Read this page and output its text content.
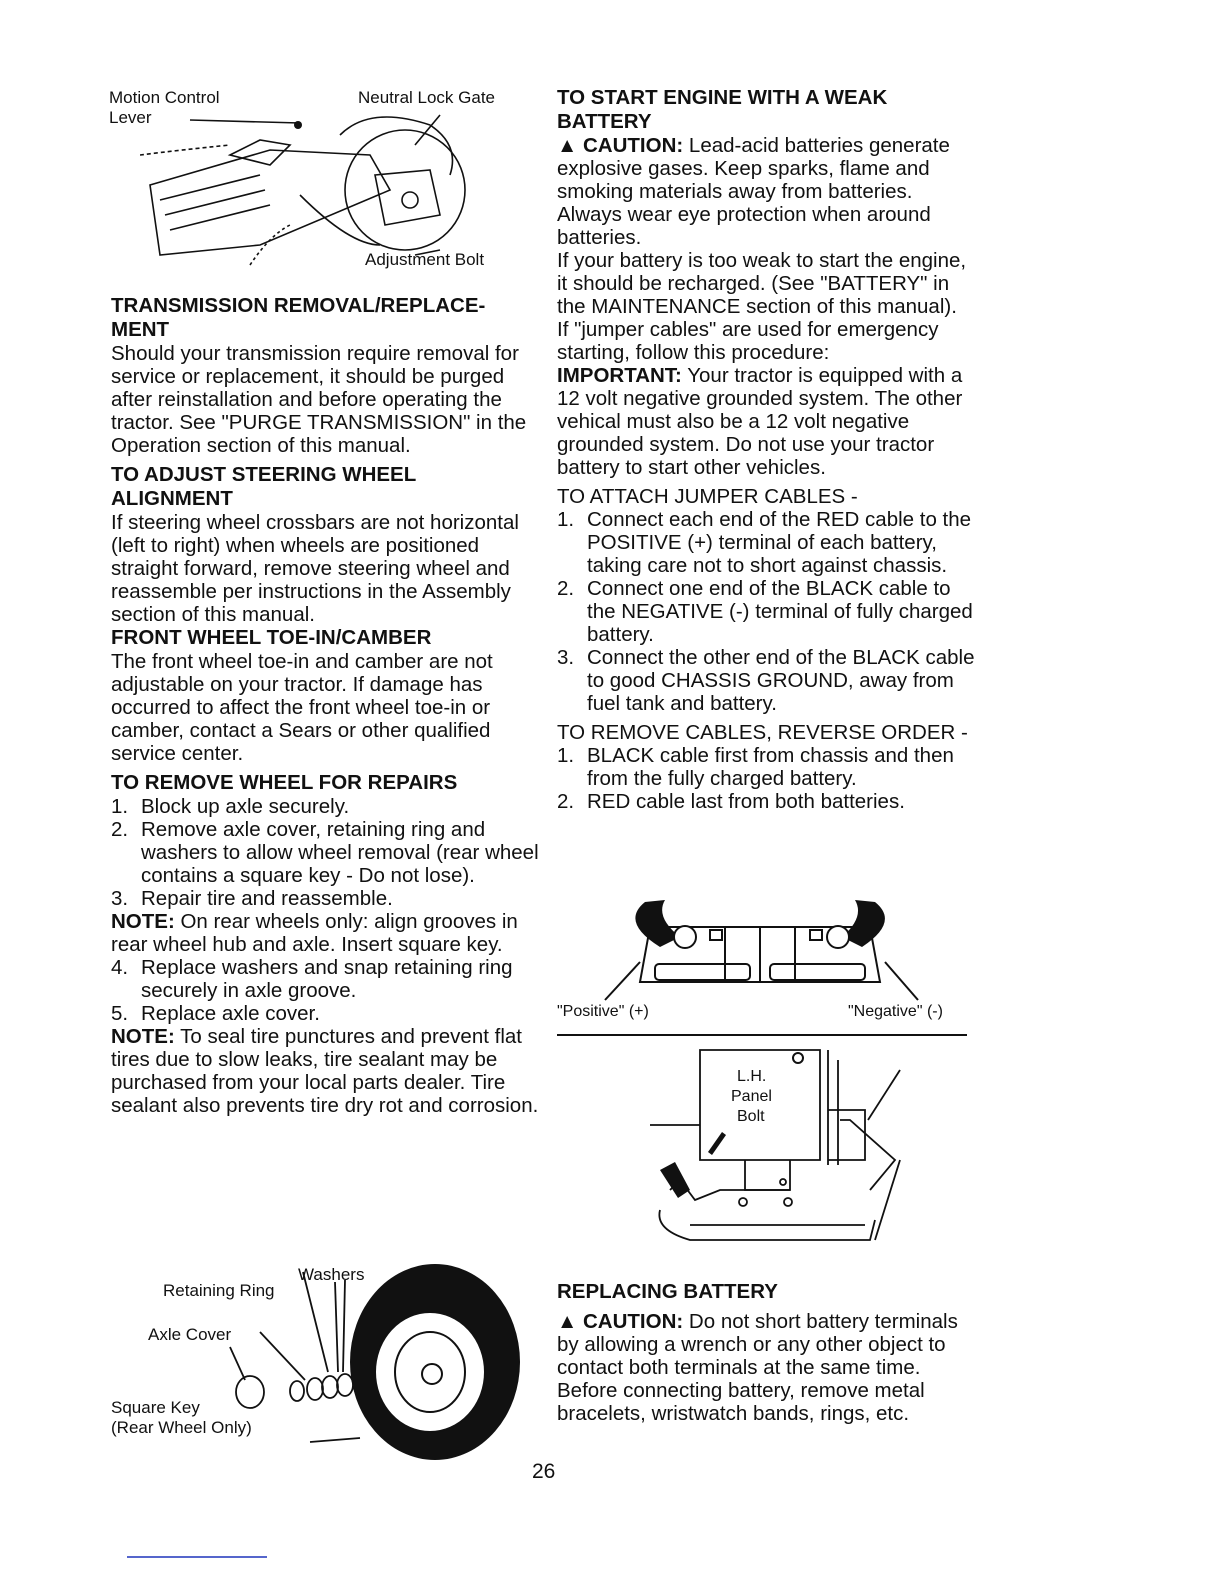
Motion Control
Lever
Neutral Lock Gate
Adjustment Bolt

TRANSMISSION REMOVAL/REPLACE-MENT

Should your transmission require removal for service or replacement, it should be purged after reinstallation and before operating the tractor. See "PURGE TRANSMISSION" in the Operation section of this manual.

TO ADJUST STEERING WHEEL ALIGNMENT

If steering wheel crossbars are not horizontal (left to right) when wheels are positioned straight forward, remove steering wheel and reassemble per instructions in the Assembly section of this manual.

FRONT WHEEL TOE-IN/CAMBER

The front wheel toe-in and camber are not adjustable on your tractor. If damage has occurred to affect the front wheel toe-in or camber, contact a Sears or other qualified service center.

TO REMOVE WHEEL FOR REPAIRS

1. Block up axle securely.
2. Remove axle cover, retaining ring and washers to allow wheel removal (rear wheel contains a square key - Do not lose).
3. Repair tire and reassemble.

NOTE: On rear wheels only: align grooves in rear wheel hub and axle. Insert square key.

4. Replace washers and snap retaining ring securely in axle groove.
5. Replace axle cover.

NOTE: To seal tire punctures and prevent flat tires due to slow leaks, tire sealant may be purchased from your local parts dealer. Tire sealant also prevents tire dry rot and corrosion.

Washers
Retaining Ring
Axle Cover
Square Key
(Rear Wheel Only)

TO START ENGINE WITH A WEAK BATTERY

▲ CAUTION: Lead-acid batteries generate explosive gases. Keep sparks, flame and smoking materials away from batteries. Always wear eye protection when around batteries.

If your battery is too weak to start the engine, it should be recharged. (See "BATTERY" in the MAINTENANCE section of this manual).

If "jumper cables" are used for emergency starting, follow this procedure:

IMPORTANT: Your tractor is equipped with a 12 volt negative grounded system. The other vehical must also be a 12 volt negative grounded system. Do not use your tractor battery to start other vehicles.

TO ATTACH JUMPER CABLES -

1. Connect each end of the RED cable to the POSITIVE (+) terminal of each battery, taking care not to short against chassis.
2. Connect one end of the BLACK cable to the NEGATIVE (-) terminal of fully charged battery.
3. Connect the other end of the BLACK cable to good CHASSIS GROUND, away from fuel tank and battery.

TO REMOVE CABLES, REVERSE ORDER -

1. BLACK cable first from chassis and then from the fully charged battery.
2. RED cable last from both batteries.
"Positive" (+)	"Negative" (-)
L.H.
Panel
Bolt

REPLACING BATTERY

▲ CAUTION: Do not short battery terminals by allowing a wrench or any other object to contact both terminals at the same time. Before connecting battery, remove metal bracelets, wristwatch bands, rings, etc.

26
